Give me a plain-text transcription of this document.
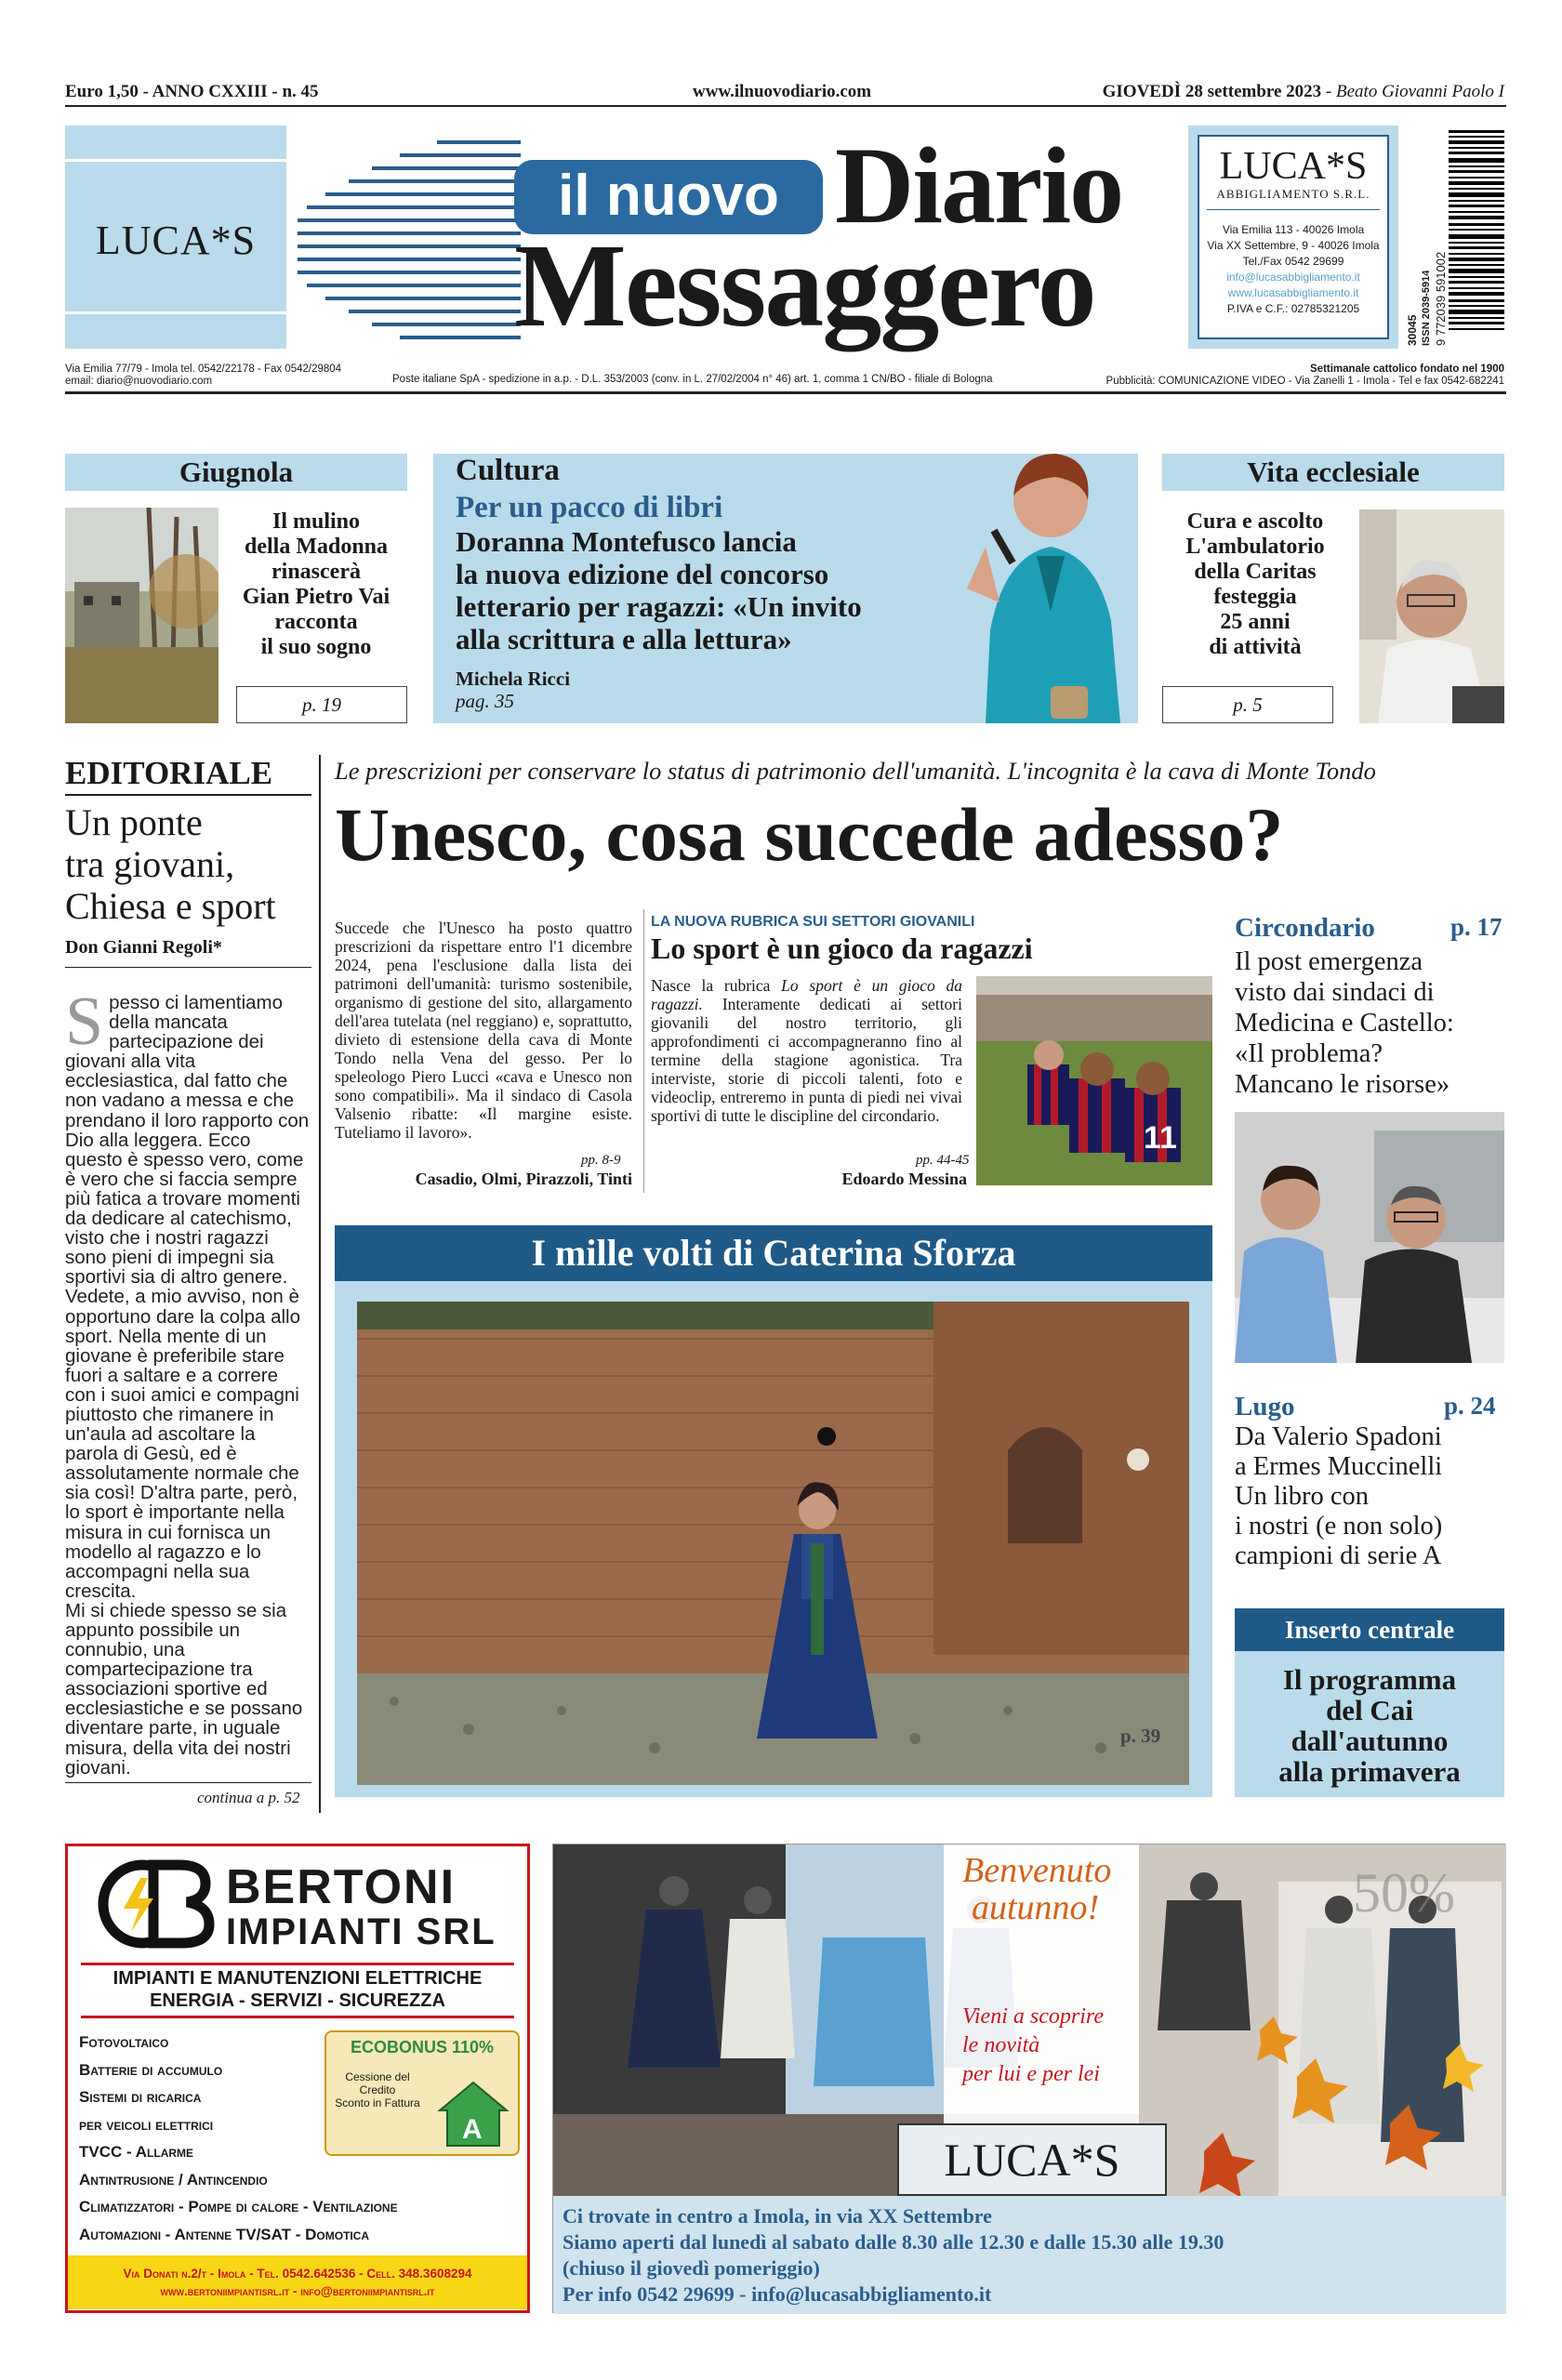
Euro 1,50 - ANNO CXXIII - n. 45	www.ilnuovodiario.com	GIOVEDÌ 28 settembre 2023 - Beato Giovanni Paolo I
LUCA*S
il nuovo Diario
Messaggero
LUCA*S
ABBIGLIAMENTO S.R.L.
Via Emilia 113 - 40026 Imola
Via XX Settembre, 9 - 40026 Imola
Tel./Fax 0542 29699
info@lucasabbigliamento.it
www.lucasabbigliamento.it
P.IVA e C.F.: 02785321205
30045 ISSN 2039-5914 9 772039 591002
Via Emilia 77/79 - Imola tel. 0542/22178 - Fax 0542/29804
email: diario@nuovodiario.com	Poste italiane SpA - spedizione in a.p. - D.L. 353/2003 (conv. in L. 27/02/2004 n° 46) art. 1, comma 1 CN/BO - filiale di Bologna
Settimanale cattolico fondato nel 1900
Pubblicità: COMUNICAZIONE VIDEO - Via Zanelli 1 - Imola - Tel e fax 0542-682241
Giugnola
Il mulino
della Madonna
rinascerà
Gian Pietro Vai
racconta
il suo sogno
p. 19
Cultura
Per un pacco di libri
Doranna Montefusco lancia
la nuova edizione del concorso
letterario per ragazzi: «Un invito
alla scrittura e alla lettura»
Michela Ricci
pag. 35
Vita ecclesiale
Cura e ascolto
L'ambulatorio
della Caritas
festeggia
25 anni
di attività
p. 5
EDITORIALE
Un ponte
tra giovani,
Chiesa e sport
Don Gianni Regoli*
Spesso ci lamentiamo della mancata partecipazione dei giovani alla vita ecclesiastica, dal fatto che non vadano a messa e che prendano il loro rapporto con Dio alla leggera. Ecco questo è spesso vero, come è vero che si faccia sempre più fatica a trovare momenti da dedicare al catechismo, visto che i nostri ragazzi sono pieni di impegni sia sportivi sia di altro genere. Vedete, a mio avviso, non è opportuno dare la colpa allo sport. Nella mente di un giovane è preferibile stare fuori a saltare e a correre con i suoi amici e compagni piuttosto che rimanere in un'aula ad ascoltare la parola di Gesù, ed è assolutamente normale che sia così! D'altra parte, però, lo sport è importante nella misura in cui fornisca un modello al ragazzo e lo accompagni nella sua crescita.
Mi si chiede spesso se sia appunto possibile un connubio, una compartecipazione tra associazioni sportive ed ecclesiastiche e se possano diventare parte, in uguale misura, della vita dei nostri giovani.
continua a p. 52
Le prescrizioni per conservare lo status di patrimonio dell'umanità. L'incognita è la cava di Monte Tondo
Unesco, cosa succede adesso?
Succede che l'Unesco ha posto quattro prescrizioni da rispettare entro l'1 dicembre 2024, pena l'esclusione dalla lista dei patrimoni dell'umanità: turismo sostenibile, organismo di gestione del sito, allargamento dell'area tutelata (nel reggiano) e, soprattutto, divieto di estensione della cava di Monte Tondo nella Vena del gesso. Per lo speleologo Piero Lucci «cava e Unesco non sono compatibili». Ma il sindaco di Casola Valsenio ribatte: «Il margine esiste. Tuteliamo il lavoro».
pp. 8-9
Casadio, Olmi, Pirazzoli, Tinti
LA NUOVA RUBRICA SUI SETTORI GIOVANILI
Lo sport è un gioco da ragazzi
Nasce la rubrica Lo sport è un gioco da ragazzi. Interamente dedicati ai settori giovanili del nostro territorio, gli approfondimenti ci accompagneranno fino al termine della stagione agonistica. Tra interviste, storie di piccoli talenti, foto e videoclip, entreremo in punta di piedi nei vivai sportivi di tutte le discipline del circondario.
pp. 44-45
Edoardo Messina
11
I mille volti di Caterina Sforza
p. 39
Circondario	p. 17
Il post emergenza
visto dai sindaci di
Medicina e Castello:
«Il problema?
Mancano le risorse»
Lugo	p. 24
Da Valerio Spadoni
a Ermes Muccinelli
Un libro con
i nostri (e non solo)
campioni di serie A
Inserto centrale
Il programma
del Cai
dall'autunno
alla primavera
BERTONI
IMPIANTI SRL
IMPIANTI E MANUTENZIONI ELETTRICHE
ENERGIA - SERVIZI - SICUREZZA
Fotovoltaico
Batterie di accumulo
Sistemi di ricarica
per veicoli elettrici
TVCC - Allarme
Antintrusione / Antincendio
Climatizzatori - Pompe di calore - Ventilazione
Automazioni - Antenne TV/SAT - Domotica
ECOBONUS 110%
Cessione del Credito
Sconto in Fattura
A
Via Donati n.2/t - Imola - Tel. 0542.642536 - Cell. 348.3608294
www.bertoniimpiantisrl.it - info@bertoniimpiantisrl.it
Benvenuto
autunno!
Vieni a scoprire
le novità
per lui e per lei
50%
LUCA*S
Ci trovate in centro a Imola, in via XX Settembre
Siamo aperti dal lunedì al sabato dalle 8.30 alle 12.30 e dalle 15.30 alle 19.30
(chiuso il giovedì pomeriggio)
Per info 0542 29699 - info@lucasabbigliamento.it
